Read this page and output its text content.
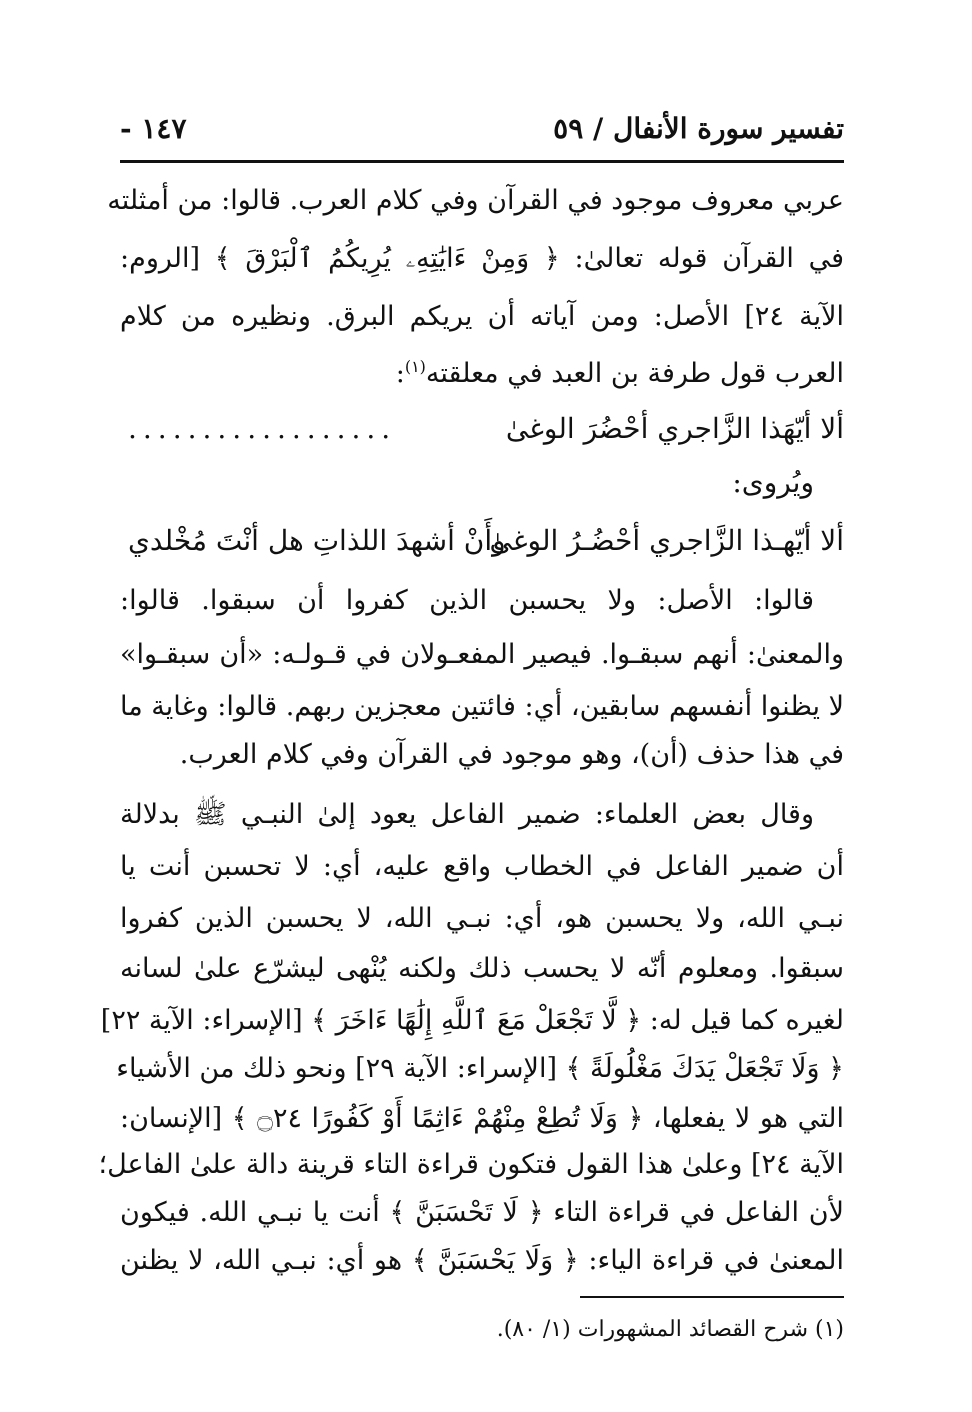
تفسير سورة الأنفال / ٥٩
١٤٧ -
عربي معروف موجود في القرآن وفي كلام العرب. قالوا: من أمثلته
في القرآن قوله تعالىٰ: ﴿ وَمِنْ ءَايَٰتِهِۦ يُرِيكُمُ ٱلْبَرْقَ ﴾ [الروم:
الآية ٢٤] الأصل: ومن آياته أن يريكم البرق. ونظيره من كلام
العرب قول طرفة بن العبد في معلقته$^{(١)}$:
ألا أيّهَذا الزَّاجري أحْضُرَ الوغىٰ
..................
ويُروى:
ألا أيّهـذا الزَّاجري أحْضُـرُ الوغىٰ
وأَنْ أشهدَ اللذاتِ هل أنْتَ مُخْلدي
قالوا: الأصل: ولا يحسبن الذين كفروا أن سبقوا. قالوا:
والمعنىٰ: أنهم سبقـوا. فيصير المفعـولان في قـولـه: «أن سبقـوا»
لا يظنوا أنفسهم سابقين، أي: فائتين معجزين ربهم. قالوا: وغاية ما
في هذا حذف (أن)، وهو موجود في القرآن وفي كلام العرب.
وقال بعض العلماء: ضمير الفاعل يعود إلىٰ النبـي ﷺ بدلالة
أن ضمير الفاعل في الخطاب واقع عليه، أي: لا تحسبن أنت يا
نبـي الله، ولا يحسبن هو، أي: نبـي الله، لا يحسبن الذين كفروا
سبقوا. ومعلوم أنّه لا يحسب ذلك ولكنه يُنْهى ليشرّع علىٰ لسانه
لغيره كما قيل له: ﴿ لَّا تَجْعَلْ مَعَ ٱللَّهِ إِلَٰهًا ءَاخَرَ ﴾ [الإسراء: الآية ٢٢]
﴿ وَلَا تَجْعَلْ يَدَكَ مَغْلُولَةً ﴾ [الإسراء: الآية ٢٩] ونحو ذلك من الأشياء
التي هو لا يفعلها، ﴿ وَلَا تُطِعْ مِنْهُمْ ءَاثِمًا أَوْ كَفُورًا ۝٢٤ ﴾ [الإنسان:
الآية ٢٤] وعلىٰ هذا القول فتكون قراءة التاء قرينة دالة علىٰ الفاعل؛
لأن الفاعل في قراءة التاء ﴿ لَا تَحْسَبَنَّ ﴾ أنت يا نبـي الله. فيكون
المعنىٰ في قراءة الياء: ﴿ وَلَا يَحْسَبَنَّ ﴾ هو أي: نبـي الله، لا يظنن
(١) شرح القصائد المشهورات (١/ ٨٠).
